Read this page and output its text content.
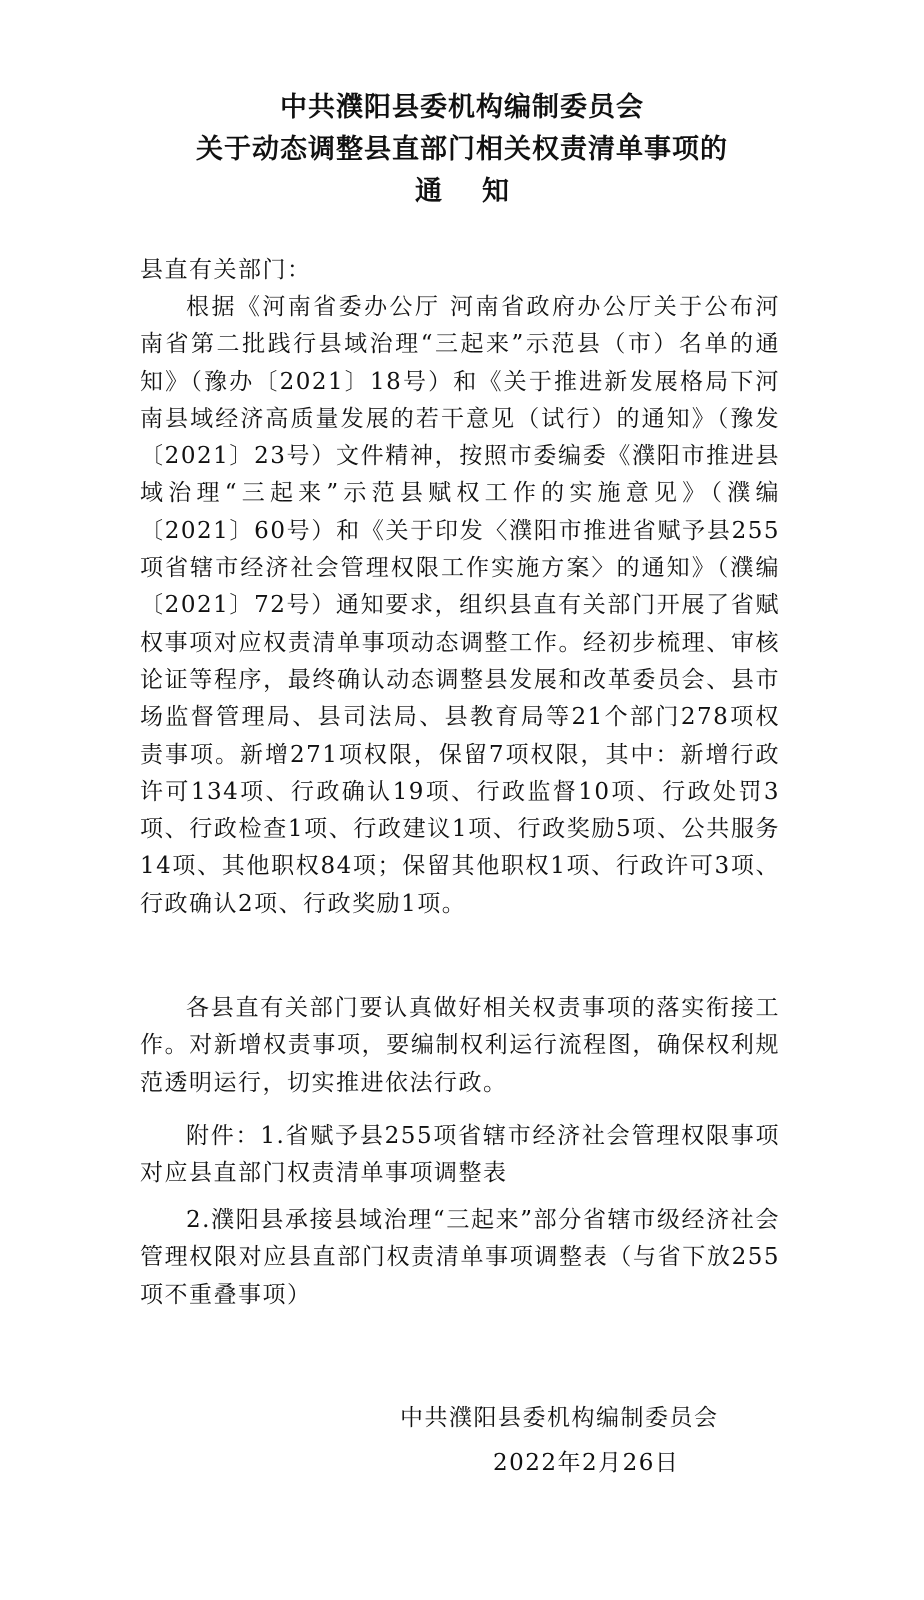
中共濮阳县委机构编制委员会
关于动态调整县直部门相关权责清单事项的
通 知
县直有关部门：
根据《河南省委办公厅 河南省政府办公厅关于公布河南省第二批践行县域治理“三起来”示范县（市）名单的通知》（豫办〔2021〕18号）和《关于推进新发展格局下河南县域经济高质量发展的若干意见（试行）的通知》（豫发〔2021〕23号）文件精神，按照市委编委《濮阳市推进县域治理“三起来”示范县赋权工作的实施意见》（濮编〔2021〕60号）和《关于印发〈濮阳市推进省赋予县255项省辖市经济社会管理权限工作实施方案〉的通知》（濮编〔2021〕72号）通知要求，组织县直有关部门开展了省赋权事项对应权责清单事项动态调整工作。经初步梳理、审核论证等程序，最终确认动态调整县发展和改革委员会、县市场监督管理局、县司法局、县教育局等21个部门278项权责事项。新增271项权限，保留7项权限，其中：新增行政许可134项、行政确认19项、行政监督10项、行政处罚3项、行政检查1项、行政建议1项、行政奖励5项、公共服务14项、其他职权84项；保留其他职权1项、行政许可3项、行政确认2项、行政奖励1项。
各县直有关部门要认真做好相关权责事项的落实衔接工作。对新增权责事项，要编制权利运行流程图，确保权利规范透明运行，切实推进依法行政。
附件：1.省赋予县255项省辖市经济社会管理权限事项对应县直部门权责清单事项调整表
2.濮阳县承接县域治理“三起来”部分省辖市级经济社会管理权限对应县直部门权责清单事项调整表（与省下放255项不重叠事项）
中共濮阳县委机构编制委员会
2022年2月26日
